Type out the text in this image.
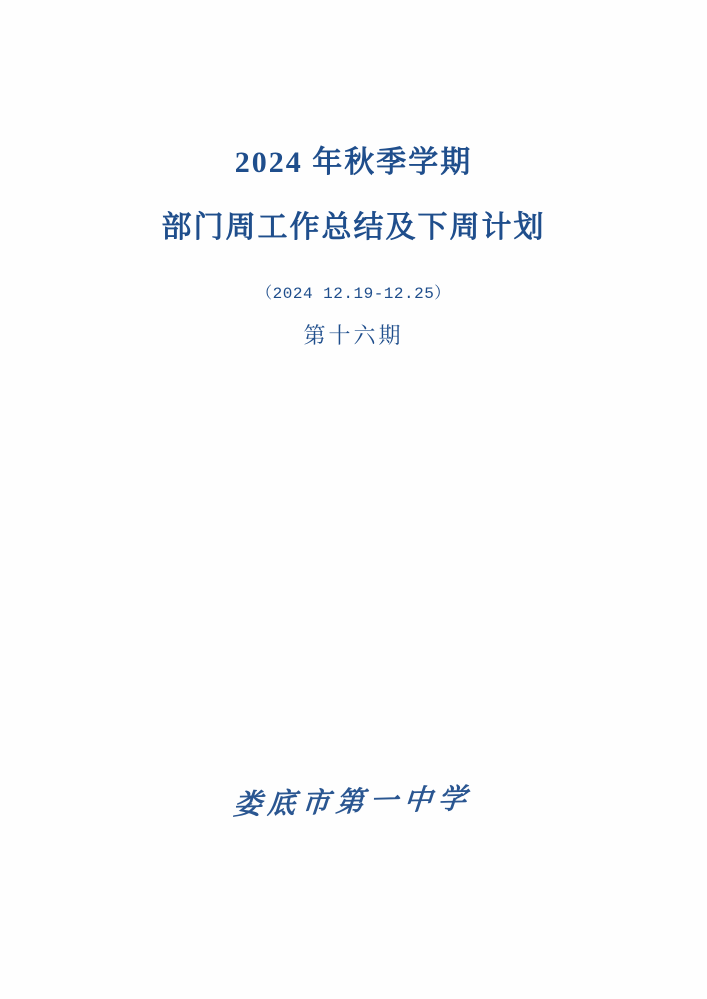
2024 年秋季学期
部门周工作总结及下周计划
（2024 12.19-12.25）
第十六期
娄底市第一中学
